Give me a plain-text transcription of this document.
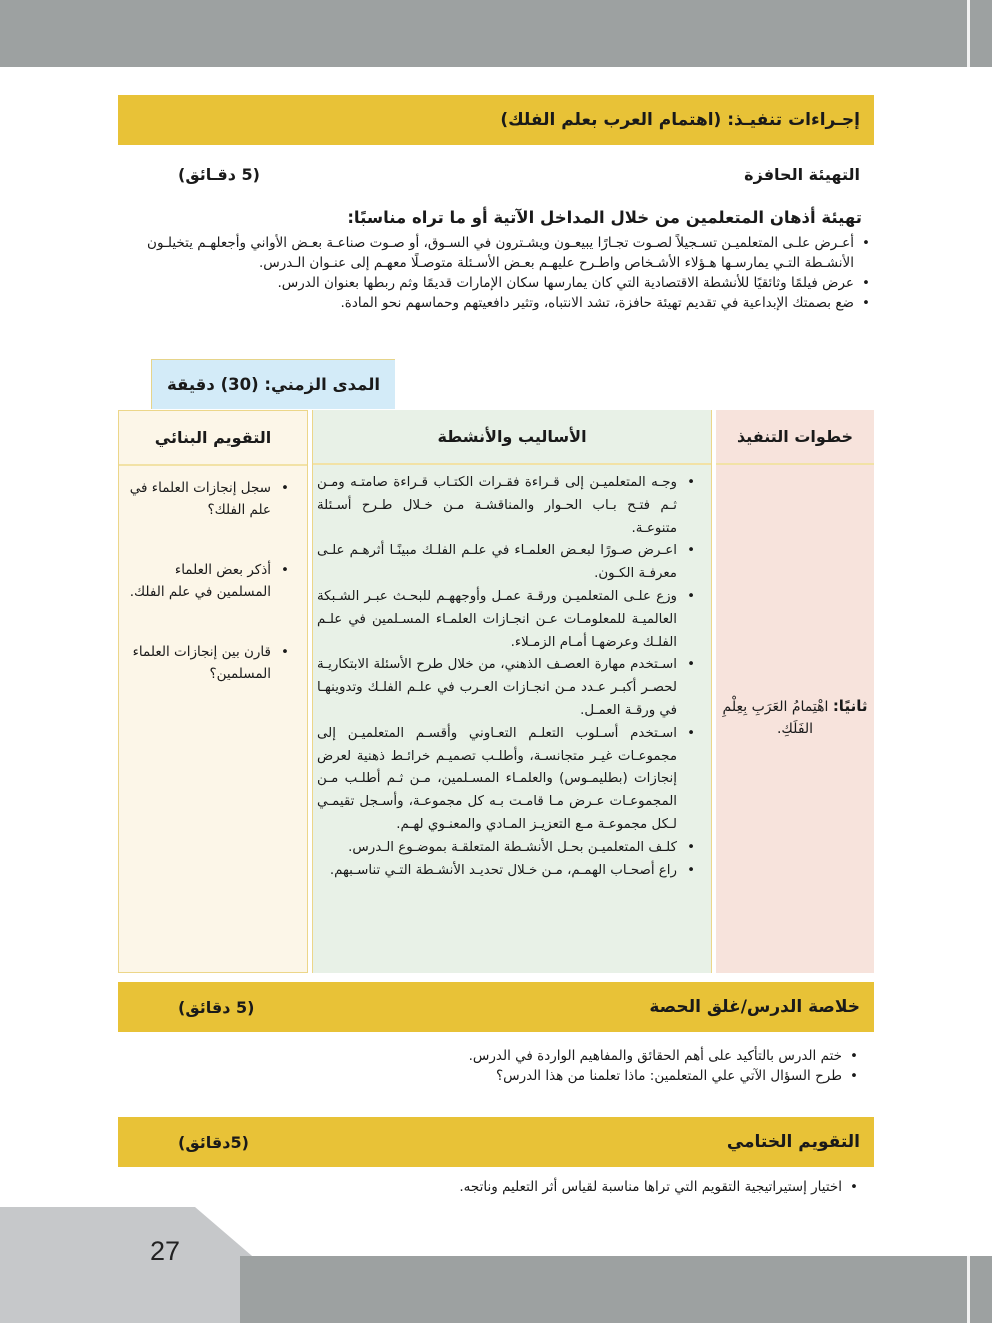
إجـراءات تنفيـذ: (اهتمام العرب بعلم الفلك)
التهيئة الحافزة
(5 دقـائق)
تهيئة أذهان المتعلمين من خلال المداخل الآتية أو ما تراه مناسبًا:
• أعـرض علـى المتعلميـن تسـجيلاً لصـوت تجـارًا يبيعـون ويشـترون في السـوق، أو صـوت صناعـة بعـض الأواني وأجعلهـم يتخيلـون الأنشـطة التـي يمارسـها هـؤلاء الأشـخاص واطـرح عليهـم بعـض الأسـئلة متوصـلًا معهـم إلى عنـوان الـدرس.
• عرض فيلمًا وثائقيًا للأنشطة الاقتصادية التي كان يمارسها سكان الإمارات قديمًا وثم ربطها بعنوان الدرس.
• ضع بصمتك الإبداعية في تقديم تهيئة حافزة، تشد الانتباه، وتثير دافعيتهم وحماسهم نحو المادة.
المدى الزمني: (30) دقيقة
التقويم البنائي
• سجل إنجازات العلماء في علم الفلك؟
• أذكر بعض العلماء المسلمين في علم الفلك.
• قارن بين إنجازات العلماء المسلمين؟
الأساليب والأنشطة
• وجـه المتعلميـن إلى قـراءة فقـرات الكتـاب قـراءة صامتـه ومـن ثـم فتـح بـاب الحـوار والمناقشـة مـن خـلال طـرح أسـئلة متنوعـة.
• اعـرض صـورًا لبعـض العلمـاء في علـم الفلـك مبينًـا أثرهـم علـى معرفـة الكـون.
• وزع علـى المتعلميـن ورقـة عمـل وأوجههـم للبحـث عبـر الشـبكة العالميـة للمعلومـات عـن انجـازات العلمـاء المسـلمين في علـم الفلـك وعرضهـا أمـام الزمـلاء.
• اسـتخدم مهارة العصـف الذهني، من خلال طرح الأسئلة الابتكاريـة لحصـر أكبـر عـدد مـن انجـازات العـرب في علـم الفلـك وتدوينهـا في ورقـة العمـل.
• اسـتخدم أسـلوب التعلـم التعـاوني وأقسـم المتعلميـن إلى مجموعـات غيـر متجانسـة، وأطلـب تصميـم خرائـط ذهنية لعرض إنجازات (بطليمـوس) والعلمـاء المسـلمين، مـن ثـم أطلـب مـن المجموعـات عـرض مـا قامـت بـه كل مجموعـة، وأسـجل تقيمـي لـكل مجموعـة مـع التعزيـز المـادي والمعنـوي لهـم.
• كلـف المتعلميـن بحـل الأنشـطة المتعلقـة بموضـوع الـدرس.
• راع أصحـاب الهمـم، مـن خـلال تحديـد الأنشـطة التـي تناسـبهم.
خطوات التنفيذ
ثانيًا: اهْتِمامُ العَرَبِ بِعِلْمِ الفَلَكِ.
خلاصة الدرس/غلق الحصة
(5 دقائق)
• ختم الدرس بالتأكيد على أهم الحقائق والمفاهيم الواردة في الدرس.
• طرح السؤال الآتي علي المتعلمين: ماذا تعلمنا من هذا الدرس؟
التقويم الختامي
(5دقائق)
• اختيار إستيراتيجية التقويم التي تراها مناسبة لقياس أثر التعليم وناتجه.
27
